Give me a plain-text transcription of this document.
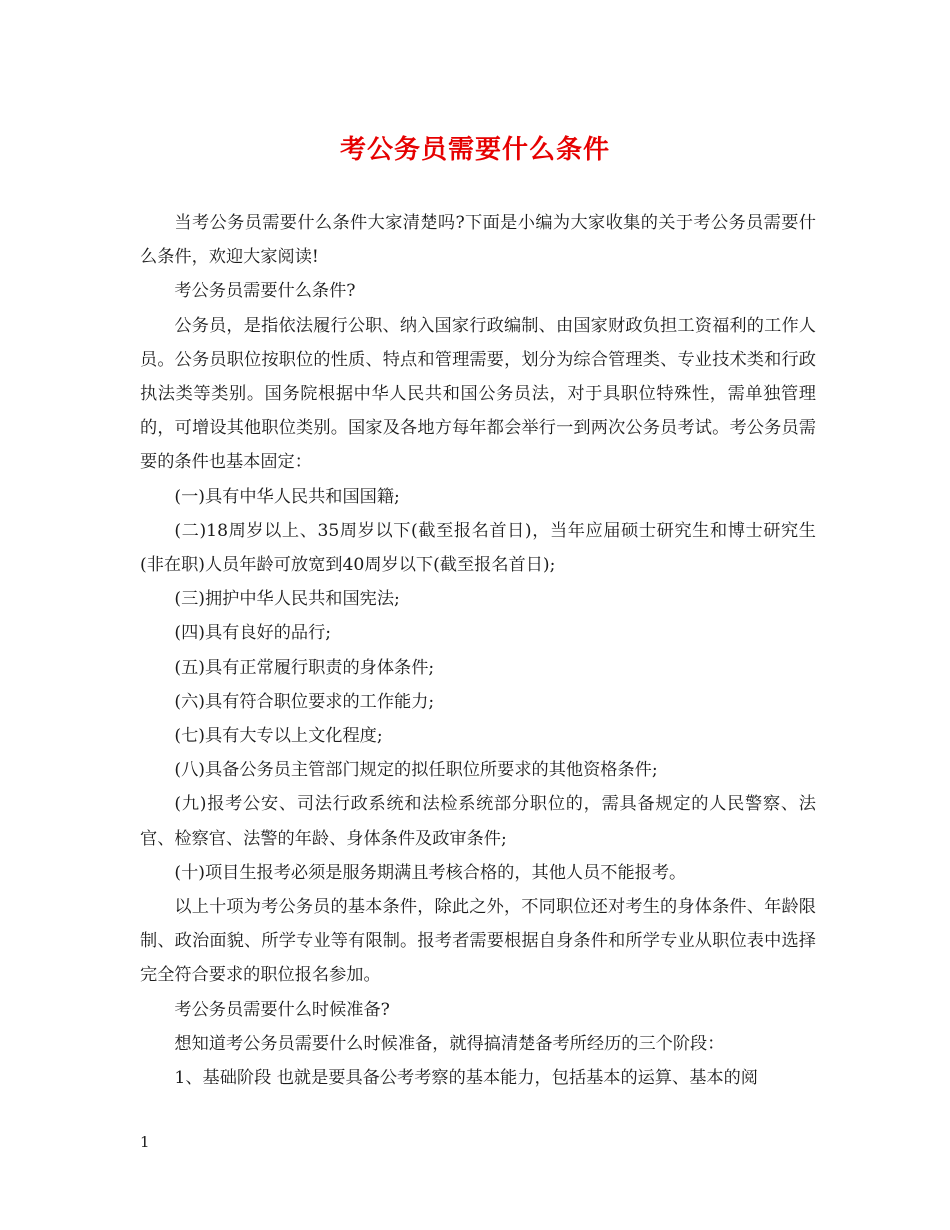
考公务员需要什么条件

当考公务员需要什么条件大家清楚吗?下面是小编为大家收集的关于考公务员需要什么条件，欢迎大家阅读!

考公务员需要什么条件?

公务员，是指依法履行公职、纳入国家行政编制、由国家财政负担工资福利的工作人员。公务员职位按职位的性质、特点和管理需要，划分为综合管理类、专业技术类和行政执法类等类别。国务院根据中华人民共和国公务员法，对于具职位特殊性，需单独管理的，可增设其他职位类别。国家及各地方每年都会举行一到两次公务员考试。考公务员需要的条件也基本固定：

(一)具有中华人民共和国国籍;

(二)18周岁以上、35周岁以下(截至报名首日)，当年应届硕士研究生和博士研究生(非在职)人员年龄可放宽到40周岁以下(截至报名首日);

(三)拥护中华人民共和国宪法;

(四)具有良好的品行;

(五)具有正常履行职责的身体条件;

(六)具有符合职位要求的工作能力;

(七)具有大专以上文化程度;

(八)具备公务员主管部门规定的拟任职位所要求的其他资格条件;

(九)报考公安、司法行政系统和法检系统部分职位的，需具备规定的人民警察、法官、检察官、法警的年龄、身体条件及政审条件;

(十)项目生报考必须是服务期满且考核合格的，其他人员不能报考。

以上十项为考公务员的基本条件，除此之外，不同职位还对考生的身体条件、年龄限制、政治面貌、所学专业等有限制。报考者需要根据自身条件和所学专业从职位表中选择完全符合要求的职位报名参加。

考公务员需要什么时候准备?

想知道考公务员需要什么时候准备，就得搞清楚备考所经历的三个阶段：

1、基础阶段 也就是要具备公考考察的基本能力，包括基本的运算、基本的阅

1
